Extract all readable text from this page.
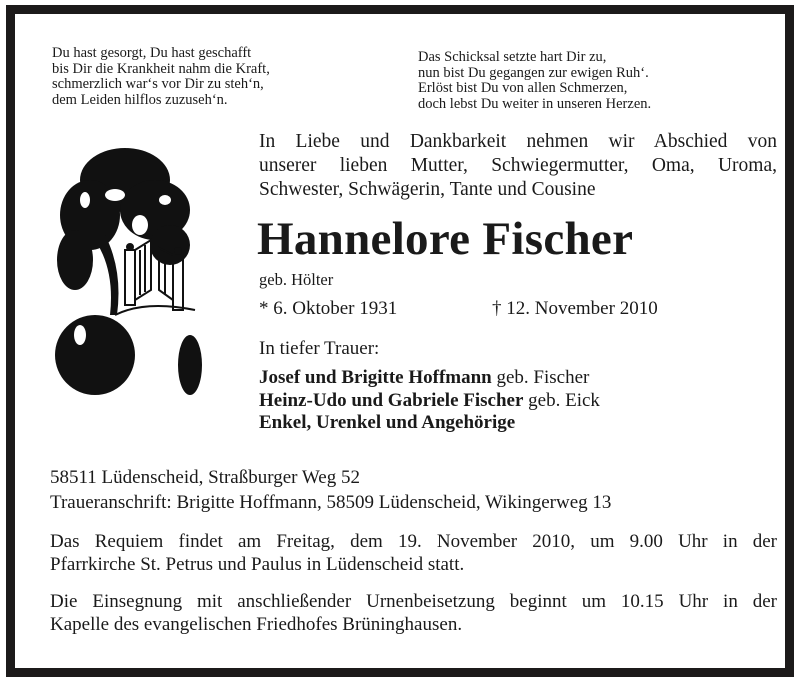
Du hast gesorgt, Du hast geschafft
bis Dir die Krankheit nahm die Kraft,
schmerzlich war‘s vor Dir zu steh‘n,
dem Leiden hilflos zuzuseh‘n.
Das Schicksal setzte hart Dir zu,
nun bist Du gegangen zur ewigen Ruh‘.
Erlöst bist Du von allen Schmerzen,
doch lebst Du weiter in unseren Herzen.
In Liebe und Dankbarkeit nehmen wir Abschied von
unserer lieben Mutter, Schwiegermutter, Oma, Uroma,
Schwester, Schwägerin, Tante und Cousine
Hannelore Fischer
geb. Hölter
* 6. Oktober 1931	† 12. November 2010
In tiefer Trauer:
Josef und Brigitte Hoffmann geb. Fischer
Heinz-Udo und Gabriele Fischer geb. Eick
Enkel, Urenkel und Angehörige
58511 Lüdenscheid, Straßburger Weg 52
Traueranschrift: Brigitte Hoffmann, 58509 Lüdenscheid, Wikingerweg 13
Das Requiem findet am Freitag, dem 19. November 2010, um 9.00 Uhr in der
Pfarrkirche St. Petrus und Paulus in Lüdenscheid statt.
Die Einsegnung mit anschließender Urnenbeisetzung beginnt um 10.15 Uhr in der
Kapelle des evangelischen Friedhofes Brüninghausen.
